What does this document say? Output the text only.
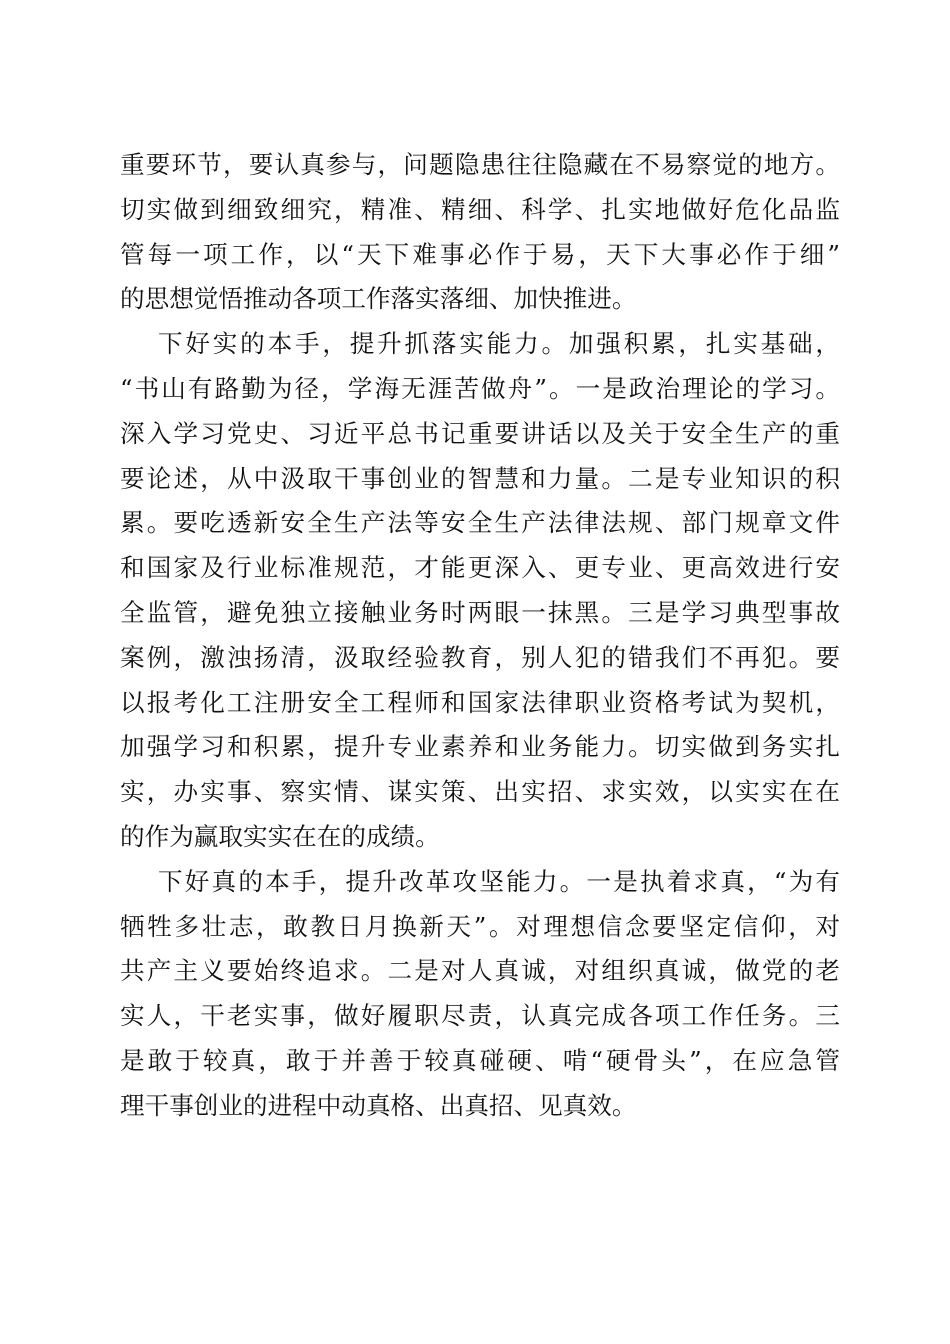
重要环节，要认真参与，问题隐患往往隐藏在不易察觉的地方。
切实做到细致细究，精准、精细、科学、扎实地做好危化品监
管每一项工作，以“天下难事必作于易，天下大事必作于细”
的思想觉悟推动各项工作落实落细、加快推进。
下好实的本手，提升抓落实能力。加强积累，扎实基础，
“书山有路勤为径，学海无涯苦做舟”。一是政治理论的学习。
深入学习党史、习近平总书记重要讲话以及关于安全生产的重
要论述，从中汲取干事创业的智慧和力量。二是专业知识的积
累。要吃透新安全生产法等安全生产法律法规、部门规章文件
和国家及行业标准规范，才能更深入、更专业、更高效进行安
全监管，避免独立接触业务时两眼一抹黑。三是学习典型事故
案例，激浊扬清，汲取经验教育，别人犯的错我们不再犯。要
以报考化工注册安全工程师和国家法律职业资格考试为契机，
加强学习和积累，提升专业素养和业务能力。切实做到务实扎
实，办实事、察实情、谋实策、出实招、求实效，以实实在在
的作为赢取实实在在的成绩。
下好真的本手，提升改革攻坚能力。一是执着求真，“为有
牺牲多壮志，敢教日月换新天”。对理想信念要坚定信仰，对
共产主义要始终追求。二是对人真诚，对组织真诚，做党的老
实人，干老实事，做好履职尽责，认真完成各项工作任务。三
是敢于较真，敢于并善于较真碰硬、啃“硬骨头”，在应急管
理干事创业的进程中动真格、出真招、见真效。
